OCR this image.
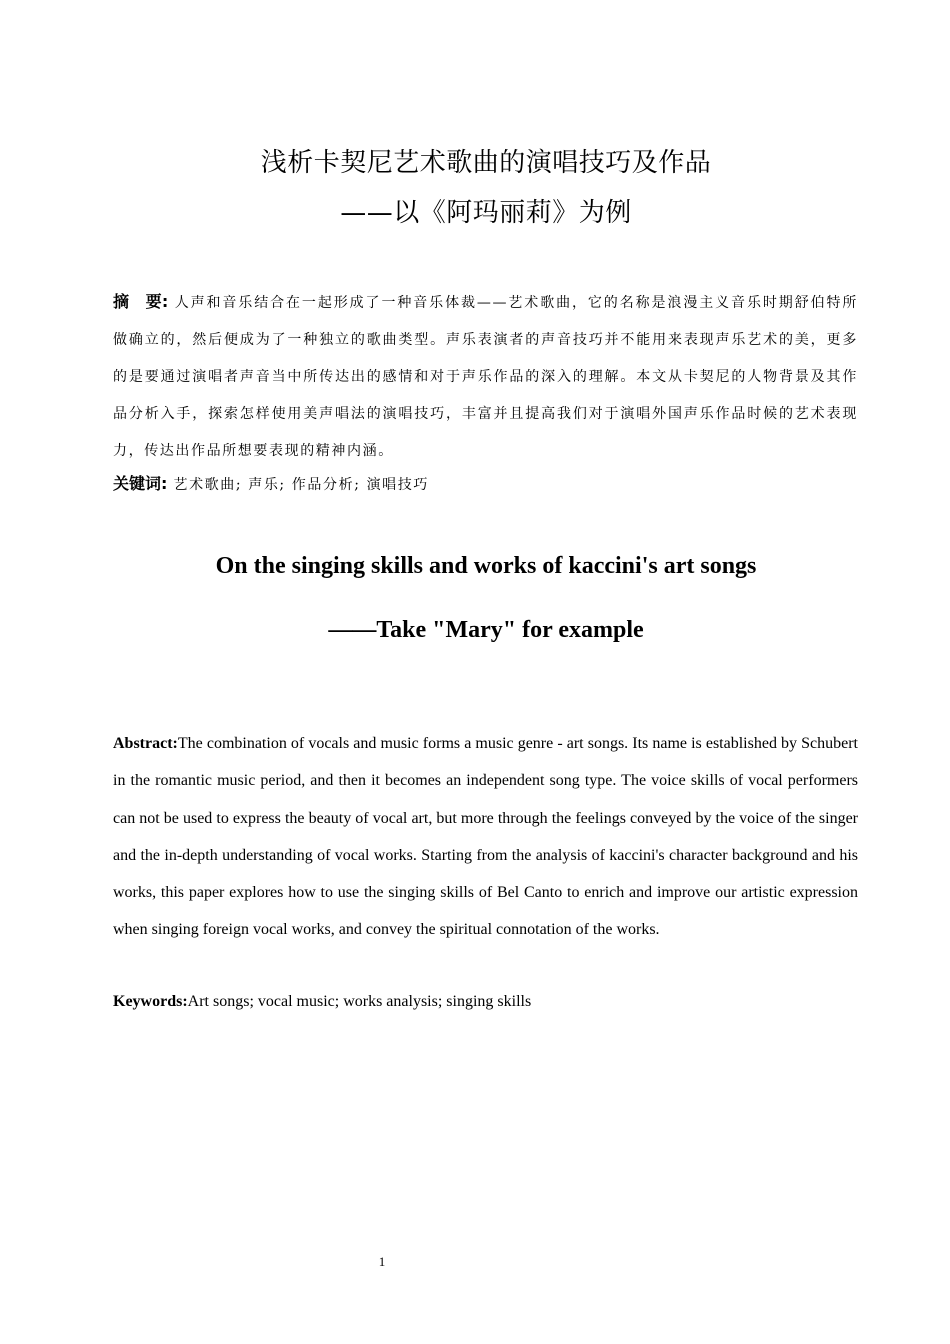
浅析卡契尼艺术歌曲的演唱技巧及作品
——以《阿玛丽莉》为例
摘　要: 人声和音乐结合在一起形成了一种音乐体裁——艺术歌曲，它的名称是浪漫主义音乐时期舒伯特所做确立的，然后便成为了一种独立的歌曲类型。声乐表演者的声音技巧并不能用来表现声乐艺术的美，更多的是要通过演唱者声音当中所传达出的感情和对于声乐作品的深入的理解。本文从卡契尼的人物背景及其作品分析入手，探索怎样使用美声唱法的演唱技巧，丰富并且提高我们对于演唱外国声乐作品时候的艺术表现力，传达出作品所想要表现的精神内涵。
关键词: 艺术歌曲; 声乐; 作品分析; 演唱技巧
On the singing skills and works of kaccini's art songs
——Take "Mary" for example
Abstract:The combination of vocals and music forms a music genre - art songs. Its name is established by Schubert in the romantic music period, and then it becomes an independent song type. The voice skills of vocal performers can not be used to express the beauty of vocal art, but more through the feelings conveyed by the voice of the singer and the in-depth understanding of vocal works. Starting from the analysis of kaccini's character background and his works, this paper explores how to use the singing skills of Bel Canto to enrich and improve our artistic expression when singing foreign vocal works, and convey the spiritual connotation of the works.
Keywords:Art songs; vocal music; works analysis; singing skills
1
